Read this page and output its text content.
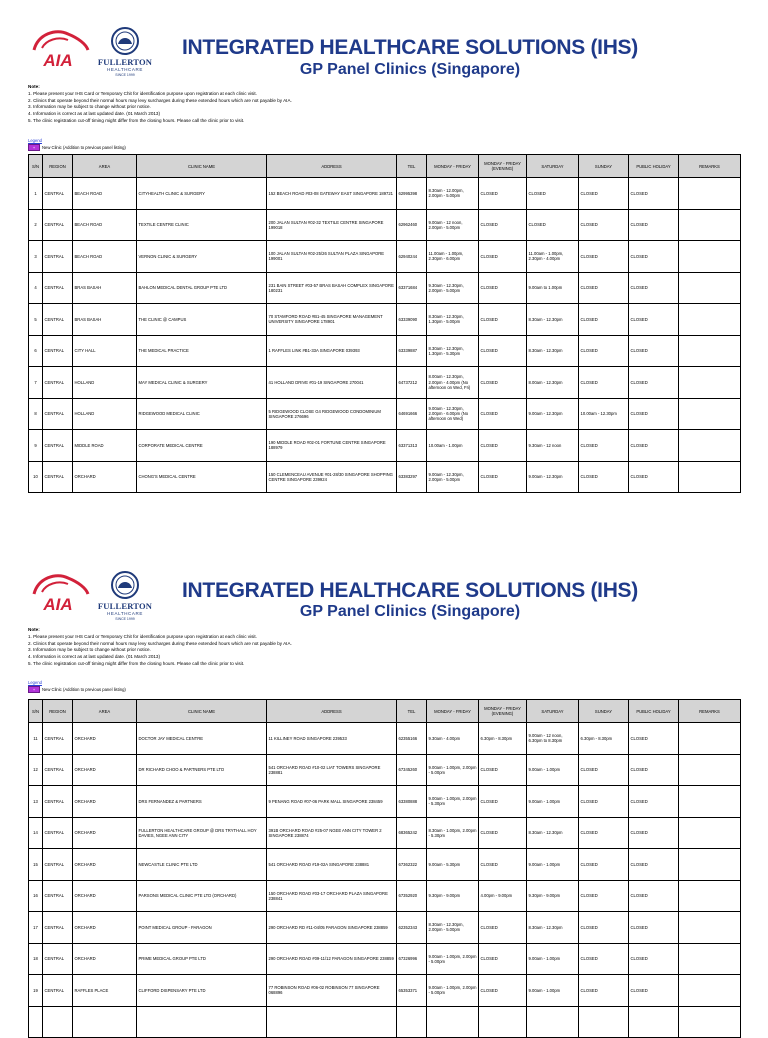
AIA	FULLERTON
HEALTHCARE
SINCE 1999
INTEGRATED HEALTHCARE SOLUTIONS (IHS)
GP Panel Clinics (Singapore)
Note:
1. Please present your IHS Card or Temporary Chit for identification purpose upon registration at each clinic visit.
2. Clinics that operate beyond their normal hours may levy surcharges during these extended hours which are not payable by AIA.
3. Information may be subject to change without prior notice.
4. Information is correct as at last updated date. (01 March 2013)
5. The clinic registration cut-off timing might differ from the closing hours. Please call the clinic prior to visit.
Legend
+	New Clinic (Addition to previous panel listing)
S/N	REGION	AREA	CLINIC NAME	ADDRESS	TEL	MONDAY - FRIDAY	MONDAY - FRIDAY (EVENING)	SATURDAY	SUNDAY	PUBLIC HOLIDAY	REMARKS
1	CENTRAL	BEACH ROAD	CITYHEALTH CLINIC & SURGERY	152 BEACH ROAD #03-08 GATEWAY EAST SINGAPORE 189721	62995398	8.30am - 12.00pm, 2.00pm - 5.00pm	CLOSED	CLOSED	CLOSED	CLOSED	
2	CENTRAL	BEACH ROAD	TEXTILE CENTRE CLINIC	200 JALAN SULTAN #02-32 TEXTILE CENTRE SINGAPORE 199018	62962460	9.00am - 12 noon, 2.00pm - 5.00pm	CLOSED	CLOSED	CLOSED	CLOSED	
3	CENTRAL	BEACH ROAD	VERNON CLINIC & SURGERY	100 JALAN SULTAN #02-25/26 SULTAN PLAZA SINGAPORE 199001	62940244	11.00am - 1.00pm, 2.30pm - 6.00pm	CLOSED	11.00am - 1.00pm, 2.30pm - 4.00pm	CLOSED	CLOSED	
4	CENTRAL	BRAS BASAH	BAHLON MEDICAL DENTAL GROUP PTE LTD	231 BAIN STREET #03-57 BRAS BASAH COMPLEX SINGAPORE 180231	63371684	9.30am - 12.30pm, 2.00pm - 5.00pm	CLOSED	9.00am to 1.00pm	CLOSED	CLOSED	
5	CENTRAL	BRAS BASAH	THE CLINIC @ CAMPUS	70 STAMFORD ROAD #B1-45 SINGAPORE MANAGEMENT UNIVERSITY SINGAPORE 178901	63339090	8.30am - 12.30pm, 1.30pm - 5.00pm	CLOSED	8.30am - 12.30pm	CLOSED	CLOSED	
6	CENTRAL	CITY HALL	THE MEDICAL PRACTICE	1 RAFFLES LINK #B1-33A SINGAPORE 039393	63339887	8.30am - 12.30pm, 1.30pm - 5.30pm	CLOSED	8.30am - 12.30pm	CLOSED	CLOSED	
7	CENTRAL	HOLLAND	MAY MEDICAL CLINIC & SURGERY	41 HOLLAND DRIVE #01-19 SINGAPORE 270041	64737212	8.00am - 12.30pm, 2.00pm - 4.00pm (No afternoon on Wed, Fri)	CLOSED	8.00am - 12.30pm	CLOSED	CLOSED	
8	CENTRAL	HOLLAND	RIDGEWOOD MEDICAL CLINIC	5 RIDGEWOOD CLOSE G4 RIDGEWOOD CONDOMINIUM SINGAPORE 276696	64691666	9.00am - 12.30pm, 2.00pm - 6.00pm (No afternoon on Wed)	CLOSED	9.00am - 12.30pm	10.00am - 12.30pm	CLOSED	
9	CENTRAL	MIDDLE ROAD	CORPORATE MEDICAL CENTRE	190 MIDDLE ROAD #02-01 FORTUNE CENTRE SINGAPORE 188979	63371313	10.00am - 1.00pm	CLOSED	9.30am - 12 noon	CLOSED	CLOSED	
10	CENTRAL	ORCHARD	CHONG'S MEDICAL CENTRE	150 CLEMENCEAU AVENUE #01-28/30 SINGAPORE SHOPPING CENTRE SINGAPORE 239924	63383297	9.00am - 12.30pm, 2.00pm - 5.00pm	CLOSED	9.00am - 12.30pm	CLOSED	CLOSED	
AIA	FULLERTON
HEALTHCARE
SINCE 1999
INTEGRATED HEALTHCARE SOLUTIONS (IHS)
GP Panel Clinics (Singapore)
Note:
1. Please present your IHS Card or Temporary Chit for identification purpose upon registration at each clinic visit.
2. Clinics that operate beyond their normal hours may levy surcharges during these extended hours which are not payable by AIA.
3. Information may be subject to change without prior notice.
4. Information is correct as at last updated date. (01 March 2013)
5. The clinic registration cut-off timing might differ from the closing hours. Please call the clinic prior to visit.
Legend
+	New Clinic (Addition to previous panel listing)
S/N	REGION	AREA	CLINIC NAME	ADDRESS	TEL	MONDAY - FRIDAY	MONDAY - FRIDAY (EVENING)	SATURDAY	SUNDAY	PUBLIC HOLIDAY	REMARKS
11	CENTRAL	ORCHARD	DOCTOR JAY MEDICAL CENTRE	11 KILLINEY ROAD SINGAPORE 239533	62355166	9.30am - 4.00pm	6.30pm - 8.30pm	9.00am - 12 noon, 6.30pm to 8.30pm	6.30pm - 8.30pm	CLOSED	
12	CENTRAL	ORCHARD	DR RICHARD CHOO & PARTNERS PTE LTD	541 ORCHARD ROAD #10-02 LIAT TOWERS SINGAPORE 238881	67345260	9.00am - 1.00pm, 2.00pm - 5.00pm	CLOSED	9.00am - 1.00pm	CLOSED	CLOSED	
13	CENTRAL	ORCHARD	DRS FERNANDEZ & PARTNERS	9 PENANG ROAD #07-06 PARK MALL SINGAPORE 238459	63380888	9.00am - 1.00pm, 2.00pm - 5.30pm	CLOSED	9.00am - 1.00pm	CLOSED	CLOSED	
14	CENTRAL	ORCHARD	FULLERTON HEALTHCARE GROUP @ DRS TRYTHALL HOY DAVIES, NGEE ANN CITY	391B ORCHARD ROAD #25-07 NGEE ANN CITY TOWER 2 SINGAPORE 238874	68365242	8.30am - 1.00pm, 2.00pm - 5.30pm	CLOSED	8.30am - 12.30pm	CLOSED	CLOSED	
15	CENTRAL	ORCHARD	NEWCASTLE CLINIC PTE LTD	541 ORCHARD ROAD #19-02A SINGAPORE 238881	67362322	9.00am - 5.30pm	CLOSED	9.00am - 1.00pm	CLOSED	CLOSED	
16	CENTRAL	ORCHARD	PARSONS MEDICAL CLINIC PTE LTD (ORCHARD)	150 ORCHARD ROAD #03-17 ORCHARD PLAZA SINGAPORE 238841	67352920	9.30pm - 9.00pm	4.00pm - 9.00pm	9.30pm - 9.00pm	CLOSED	CLOSED	
17	CENTRAL	ORCHARD	POINT MEDICAL GROUP - PARAGON	290 ORCHARD RD #11-04/05 PARAGON SINGAPORE 238859	62352343	8.30am - 12.30pm, 2.00pm - 5.00pm	CLOSED	8.30am - 12.30pm	CLOSED	CLOSED	
18	CENTRAL	ORCHARD	PRIME MEDICAL GROUP PTE LTD	290 ORCHARD ROAD #09-11/12 PARAGON SINGAPORE 238859	67326996	9.00am - 1.00pm, 2.00pm - 5.00pm	CLOSED	9.00am - 1.00pm	CLOSED	CLOSED	
19	CENTRAL	RAFFLES PLACE	CLIFFORD DISPENSARY PTE LTD	77 ROBINSON ROAD #06-02 ROBINSON 77 SINGAPORE 068896	65353371	9.00am - 1.00pm, 2.00pm - 5.00pm	CLOSED	9.00am - 1.00pm	CLOSED	CLOSED	
